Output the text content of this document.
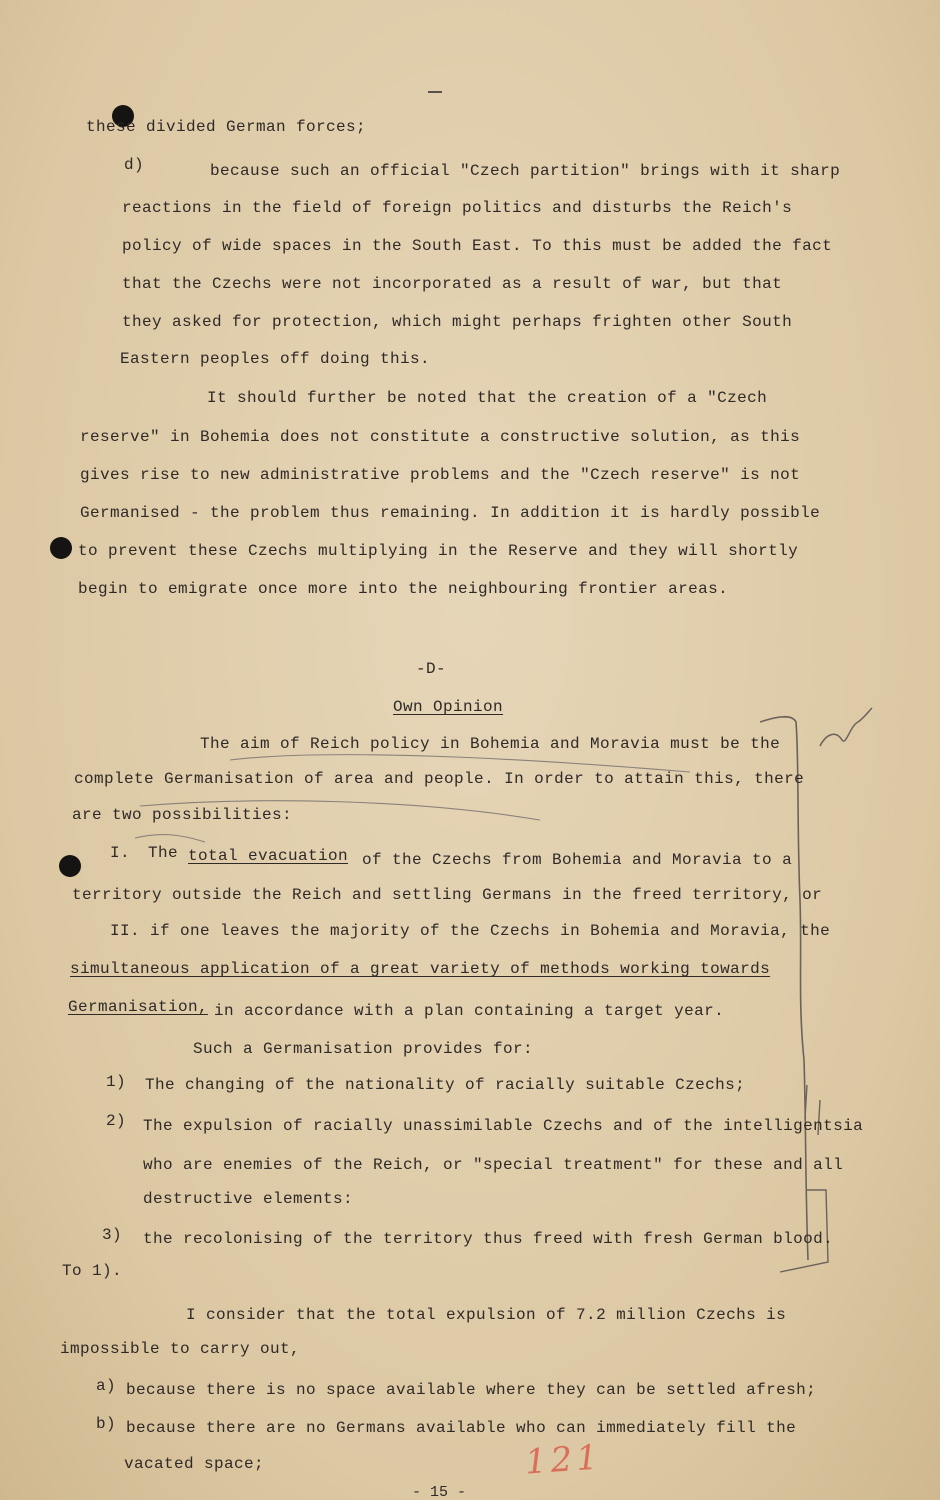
these divided German forces;
d)	because such an official "Czech partition" brings with it sharp
reactions in the field of foreign politics and disturbs the Reich's
policy of wide spaces in the South East. To this must be added the fact
that the Czechs were not incorporated as a result of war, but that
they asked for protection, which might perhaps frighten other South
Eastern peoples off doing this.
It should further be noted that the creation of a "Czech
reserve" in Bohemia does not constitute a constructive solution, as this
gives rise to new administrative problems and the "Czech reserve" is not
Germanised - the problem thus remaining. In addition it is hardly possible
to prevent these Czechs multiplying in the Reserve and they will shortly
begin to emigrate once more into the neighbouring frontier areas.
-D-
Own Opinion
The aim of Reich policy in Bohemia and Moravia must be the
complete Germanisation of area and people. In order to attain this, there
are two possibilities:
I. The total evacuation of the Czechs from Bohemia and Moravia to a
territory outside the Reich and settling Germans in the freed territory, or
II. if one leaves the majority of the Czechs in Bohemia and Moravia, the
simultaneous application of a great variety of methods working towards
Germanisation, in accordance with a plan containing a target year.
Such a Germanisation provides for:
1) The changing of the nationality of racially suitable Czechs;
2) The expulsion of racially unassimilable Czechs and of the intelligentsia
who are enemies of the Reich, or "special treatment" for these and all
destructive elements:
3) the recolonising of the territory thus freed with fresh German blood.
To 1).
I consider that the total expulsion of 7.2 million Czechs is
impossible to carry out,
a) because there is no space available where they can be settled afresh;
b) because there are no Germans available who can immediately fill the
vacated space;	121
- 15 -
